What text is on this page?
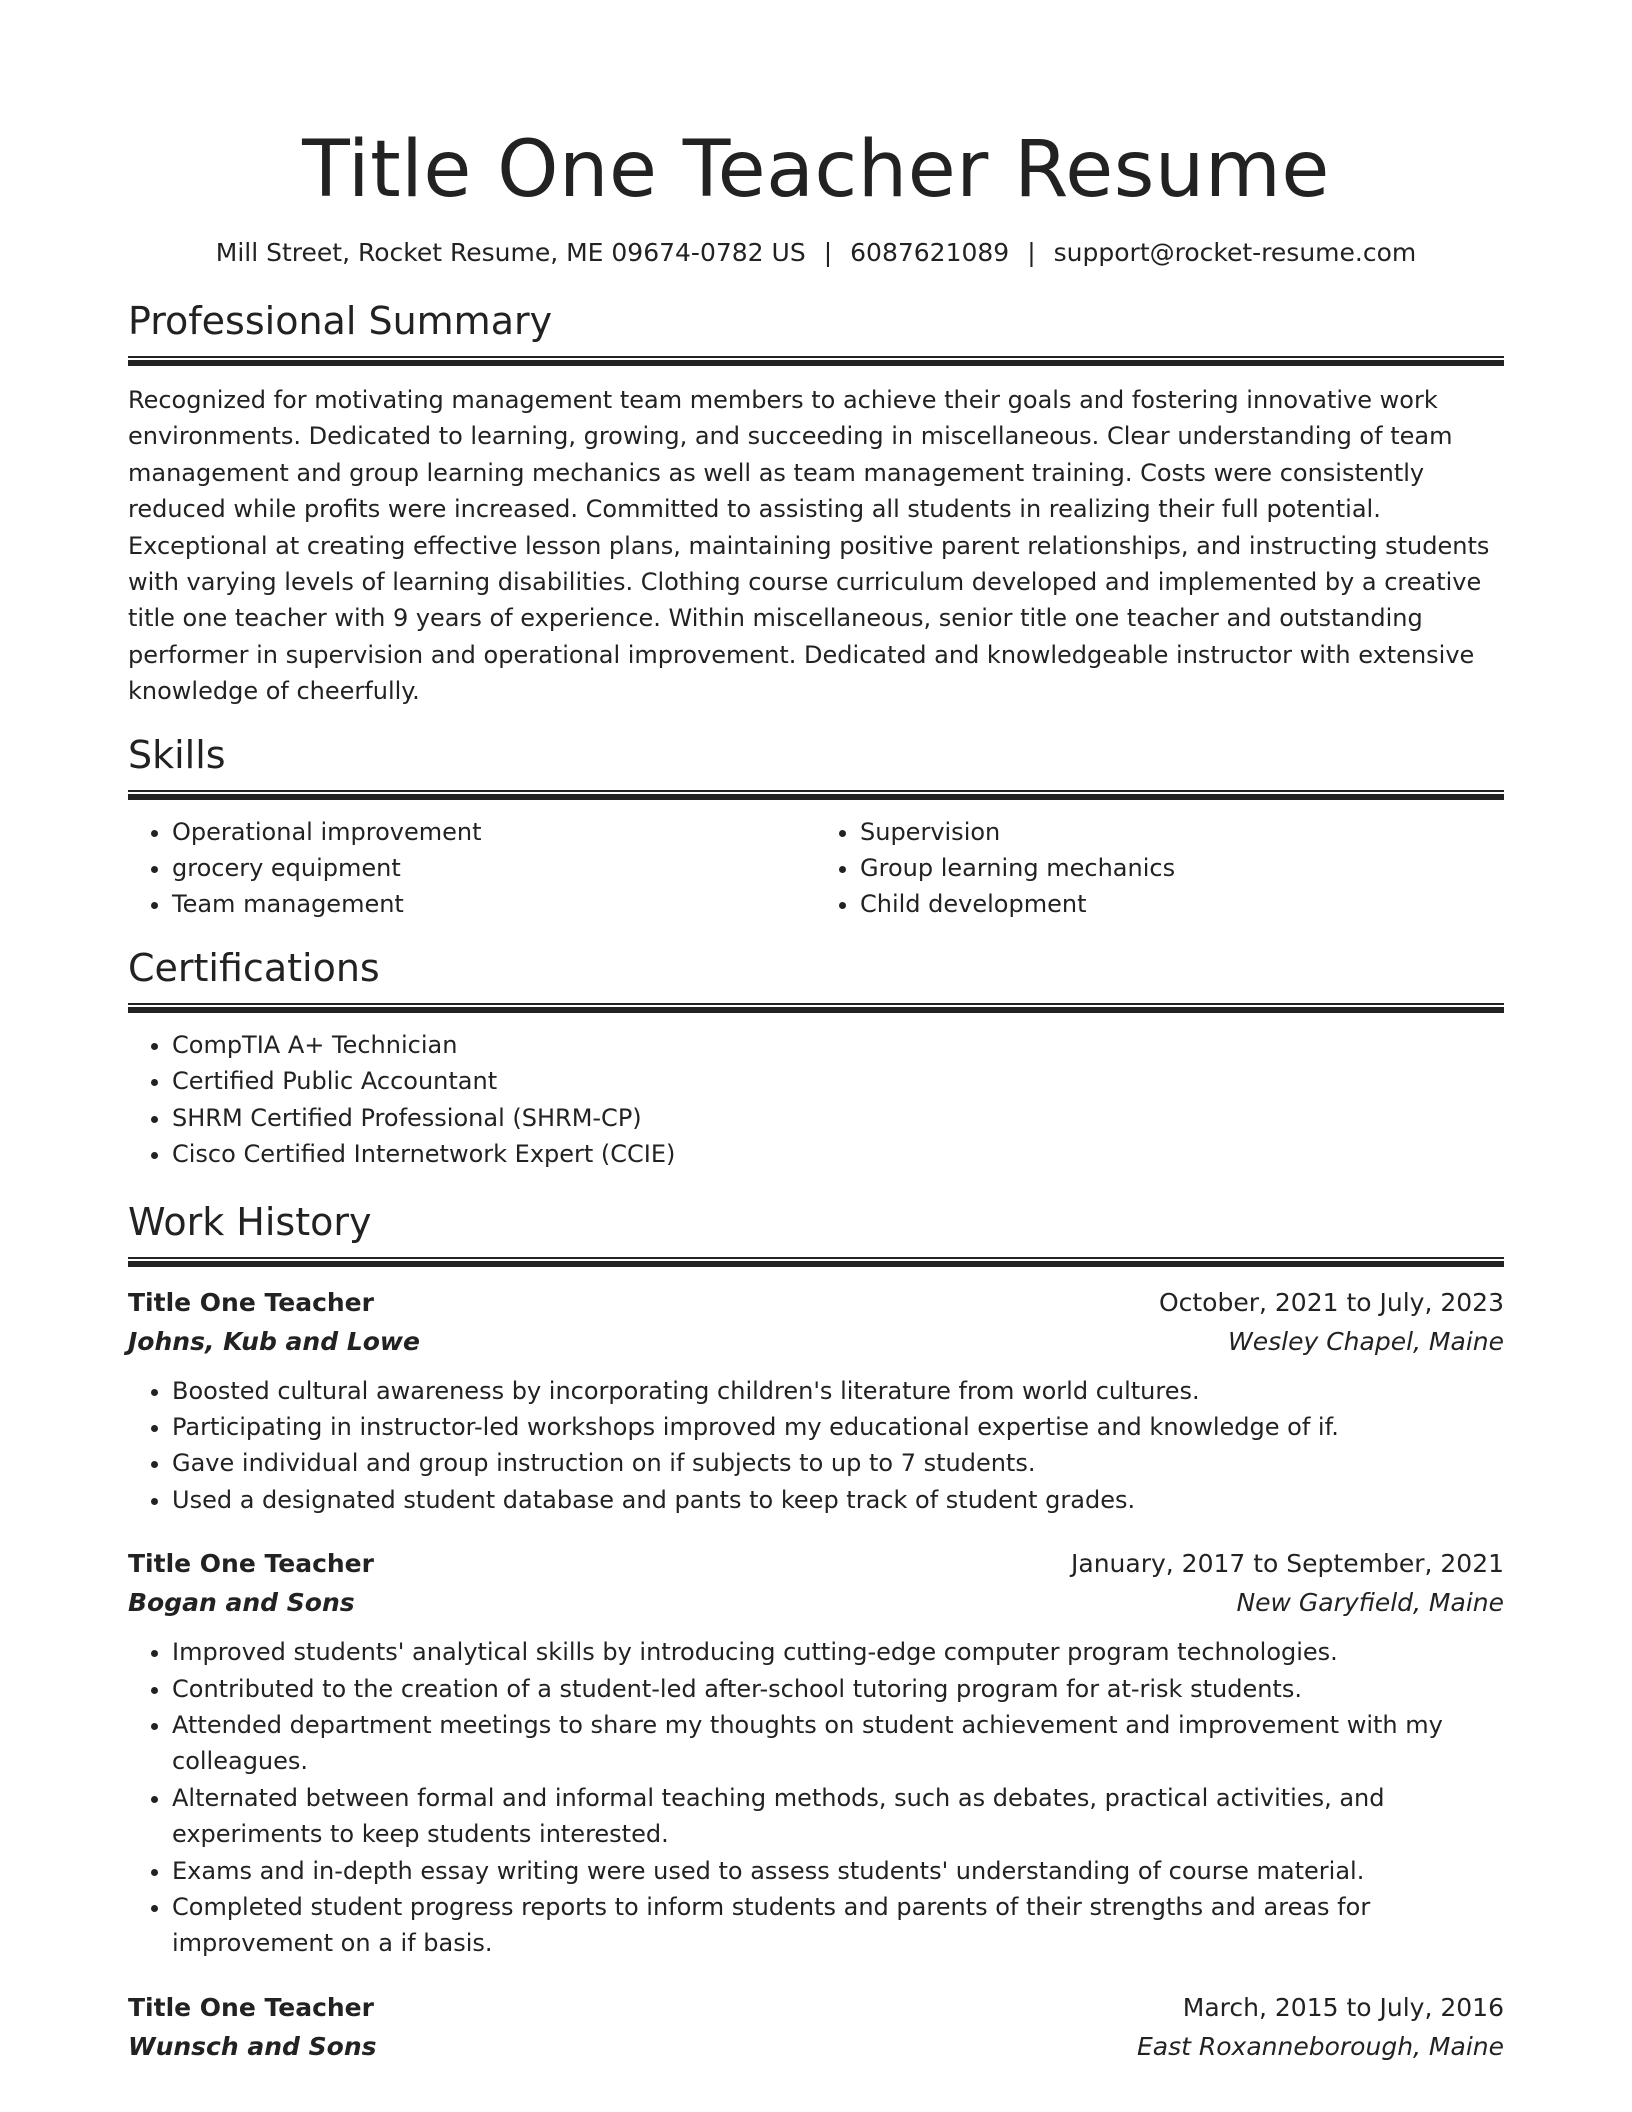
Title One Teacher Resume
Mill Street, Rocket Resume, ME 09674-0782 US | 6087621089 | support@rocket-resume.com
Professional Summary

Recognized for motivating management team members to achieve their goals and fostering innovative work environments. Dedicated to learning, growing, and succeeding in miscellaneous. Clear understanding of team management and group learning mechanics as well as team management training. Costs were consistently reduced while profits were increased. Committed to assisting all students in realizing their full potential. Exceptional at creating effective lesson plans, maintaining positive parent relationships, and instructing students with varying levels of learning disabilities. Clothing course curriculum developed and implemented by a creative title one teacher with 9 years of experience. Within miscellaneous, senior title one teacher and outstanding performer in supervision and operational improvement. Dedicated and knowledgeable instructor with extensive knowledge of cheerfully.

Skills
• Operational improvement
• grocery equipment
• Team management
• Supervision
• Group learning mechanics
• Child development
Certifications
• CompTIA A+ Technician
• Certified Public Accountant
• SHRM Certified Professional (SHRM-CP)
• Cisco Certified Internetwork Expert (CCIE)
Work History
Title One Teacher	October, 2021 to July, 2023
Johns, Kub and Lowe	Wesley Chapel, Maine
• Boosted cultural awareness by incorporating children's literature from world cultures.
• Participating in instructor-led workshops improved my educational expertise and knowledge of if.
• Gave individual and group instruction on if subjects to up to 7 students.
• Used a designated student database and pants to keep track of student grades.
Title One Teacher	January, 2017 to September, 2021
Bogan and Sons	New Garyfield, Maine
• Improved students' analytical skills by introducing cutting-edge computer program technologies.
• Contributed to the creation of a student-led after-school tutoring program for at-risk students.
• Attended department meetings to share my thoughts on student achievement and improvement with my colleagues.
• Alternated between formal and informal teaching methods, such as debates, practical activities, and experiments to keep students interested.
• Exams and in-depth essay writing were used to assess students' understanding of course material.
• Completed student progress reports to inform students and parents of their strengths and areas for improvement on a if basis.
Title One Teacher	March, 2015 to July, 2016
Wunsch and Sons	East Roxanneborough, Maine
